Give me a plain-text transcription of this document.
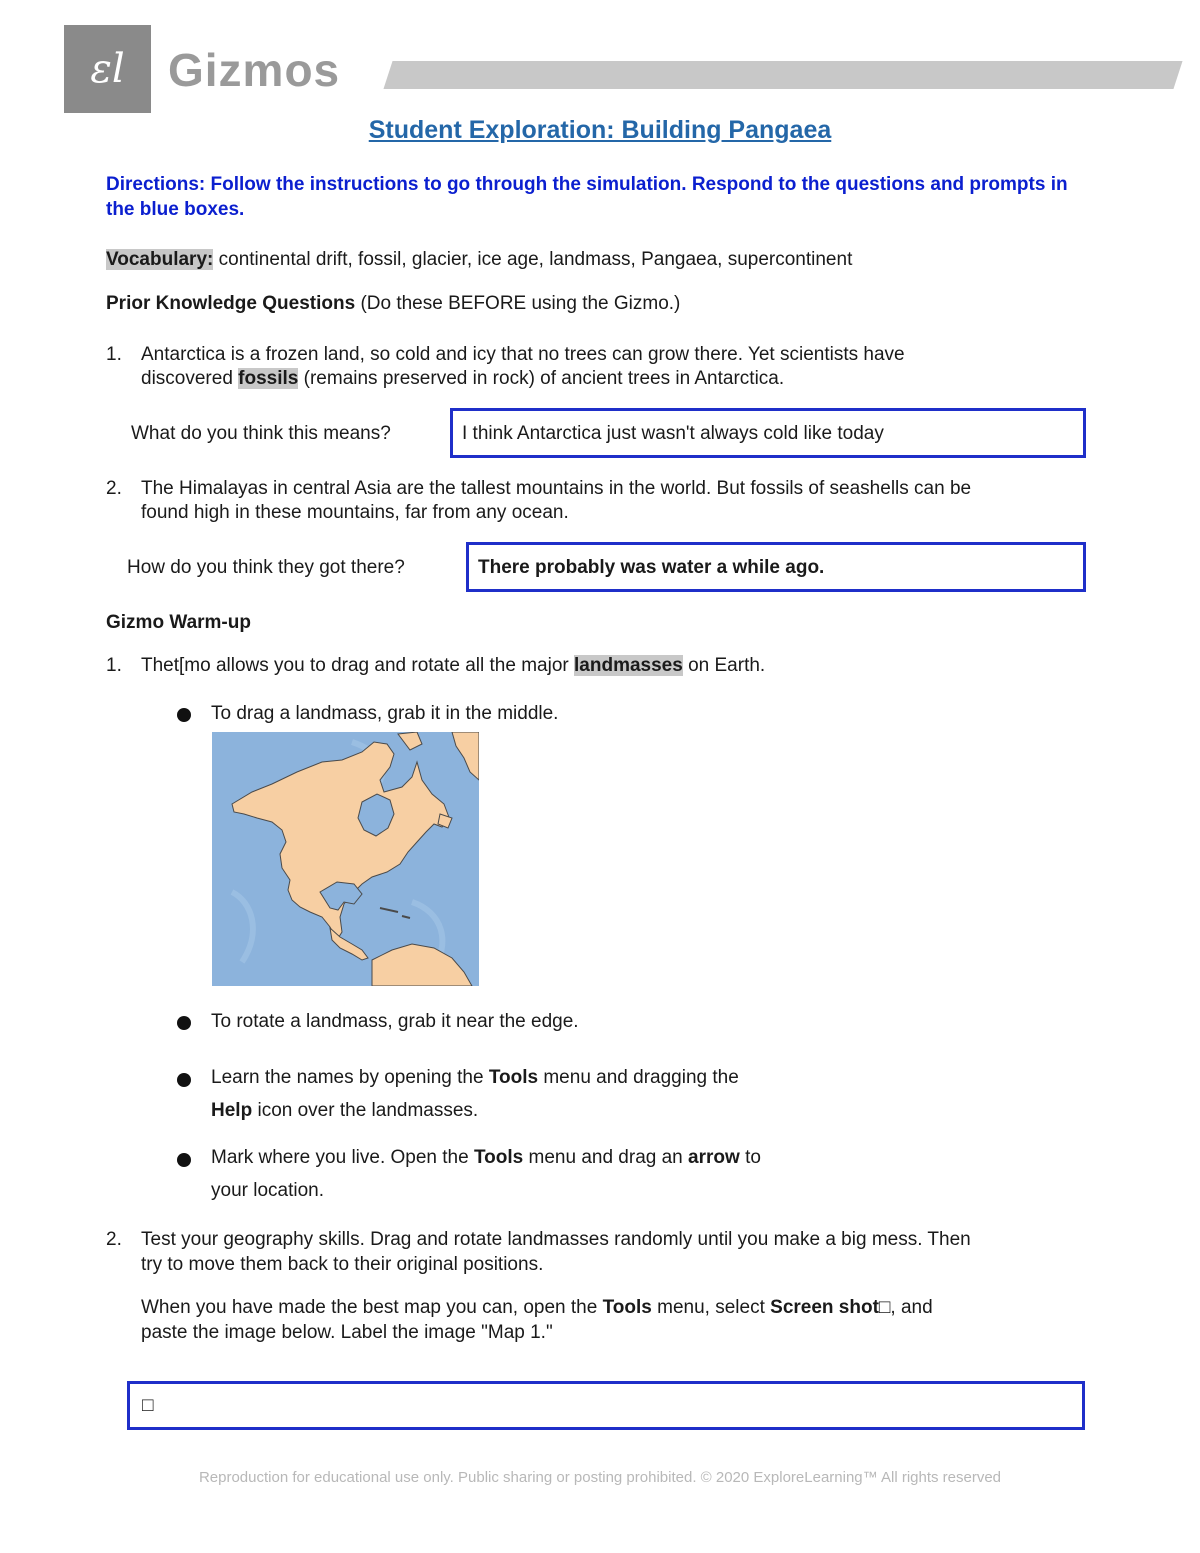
ɛl Gizmos
Student Exploration: Building Pangaea
Directions: Follow the instructions to go through the simulation. Respond to the questions and prompts in the blue boxes.
Vocabulary: continental drift, fossil, glacier, ice age, landmass, Pangaea, supercontinent
Prior Knowledge Questions (Do these BEFORE using the Gizmo.)
1.	Antarctica is a frozen land, so cold and icy that no trees can grow there. Yet scientists have
discovered fossils (remains preserved in rock) of ancient trees in Antarctica.
What do you think this means?	I think Antarctica just wasn't always cold like today
2.	The Himalayas in central Asia are the tallest mountains in the world. But fossils of seashells can be
found high in these mountains, far from any ocean.
How do you think they got there?	There probably was water a while ago.
Gizmo Warm-up
1.	Thet[mo allows you to drag and rotate all the major landmasses on Earth.
To drag a landmass, grab it in the middle.
To rotate a landmass, grab it near the edge.
Learn the names by opening the Tools menu and dragging the
Help icon over the landmasses.
Mark where you live. Open the Tools menu and drag an arrow to
your location.
2.	Test your geography skills. Drag and rotate landmasses randomly until you make a big mess. Then
try to move them back to their original positions.
When you have made the best map you can, open the Tools menu, select Screen shot□, and
paste the image below. Label the image "Map 1."
□
Reproduction for educational use only. Public sharing or posting prohibited. © 2020 ExploreLearning™ All rights reserved
